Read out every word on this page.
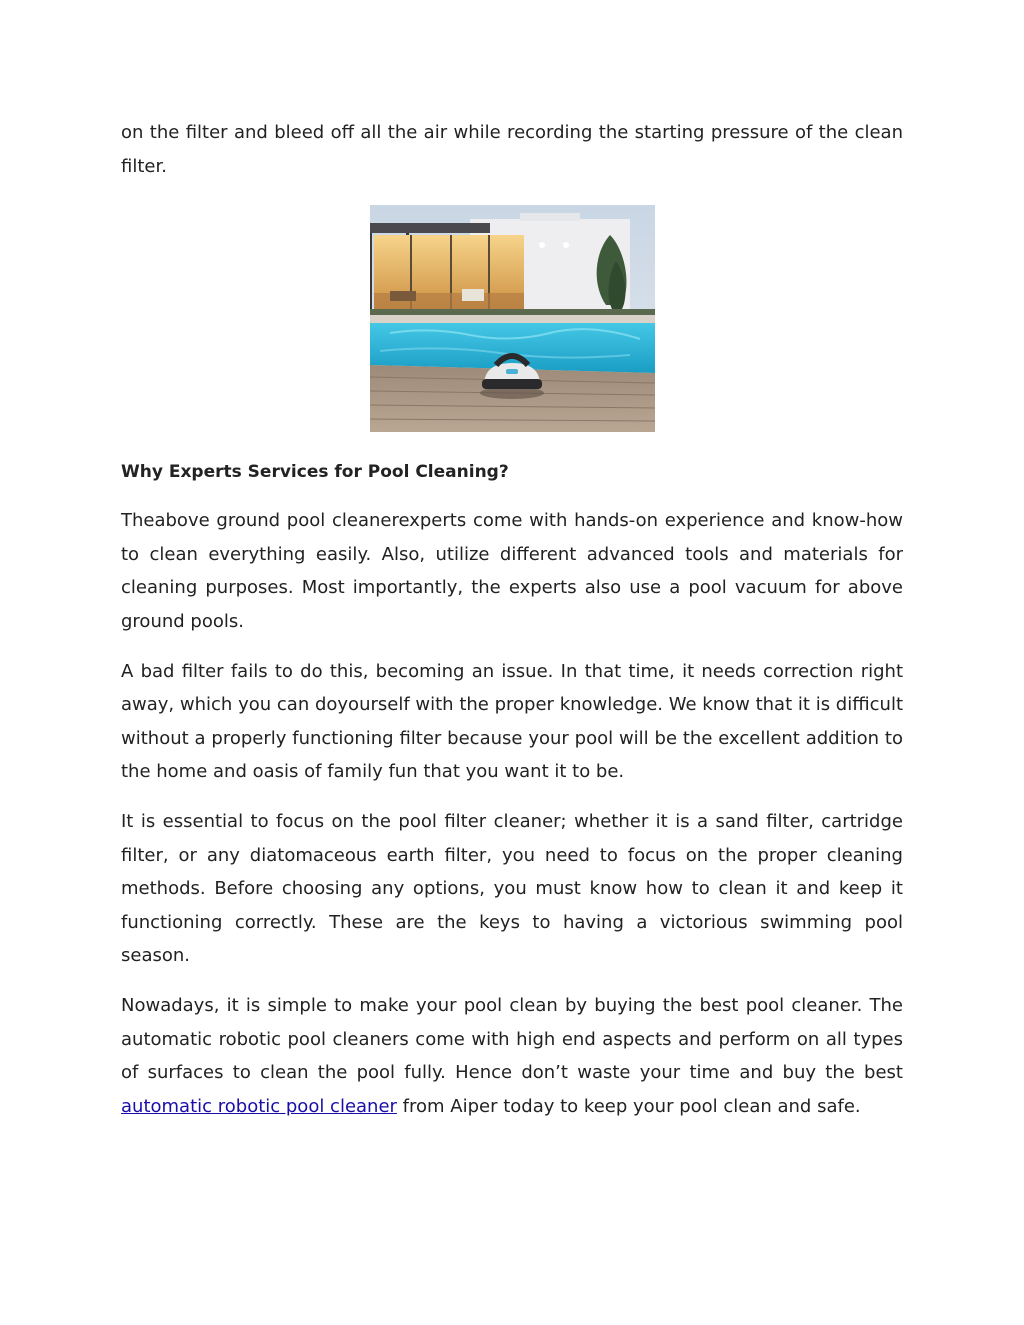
on the filter and bleed off all the air while recording the starting pressure of the clean filter.

Why Experts Services for Pool Cleaning?

Theabove ground pool cleanerexperts come with hands-on experience and know-how to clean everything easily. Also, utilize different advanced tools and materials for cleaning purposes. Most importantly, the experts also use a pool vacuum for above ground pools.

A bad filter fails to do this, becoming an issue. In that time, it needs correction right away, which you can doyourself with the proper knowledge. We know that it is difficult without a properly functioning filter because your pool will be the excellent addition to the home and oasis of family fun that you want it to be.

It is essential to focus on the pool filter cleaner; whether it is a sand filter, cartridge filter, or any diatomaceous earth filter, you need to focus on the proper cleaning methods. Before choosing any options, you must know how to clean it and keep it functioning correctly. These are the keys to having a victorious swimming pool season.

Nowadays, it is simple to make your pool clean by buying the best pool cleaner. The automatic robotic pool cleaners come with high end aspects and perform on all types of surfaces to clean the pool fully. Hence don’t waste your time and buy the best automatic robotic pool cleaner from Aiper today to keep your pool clean and safe.
